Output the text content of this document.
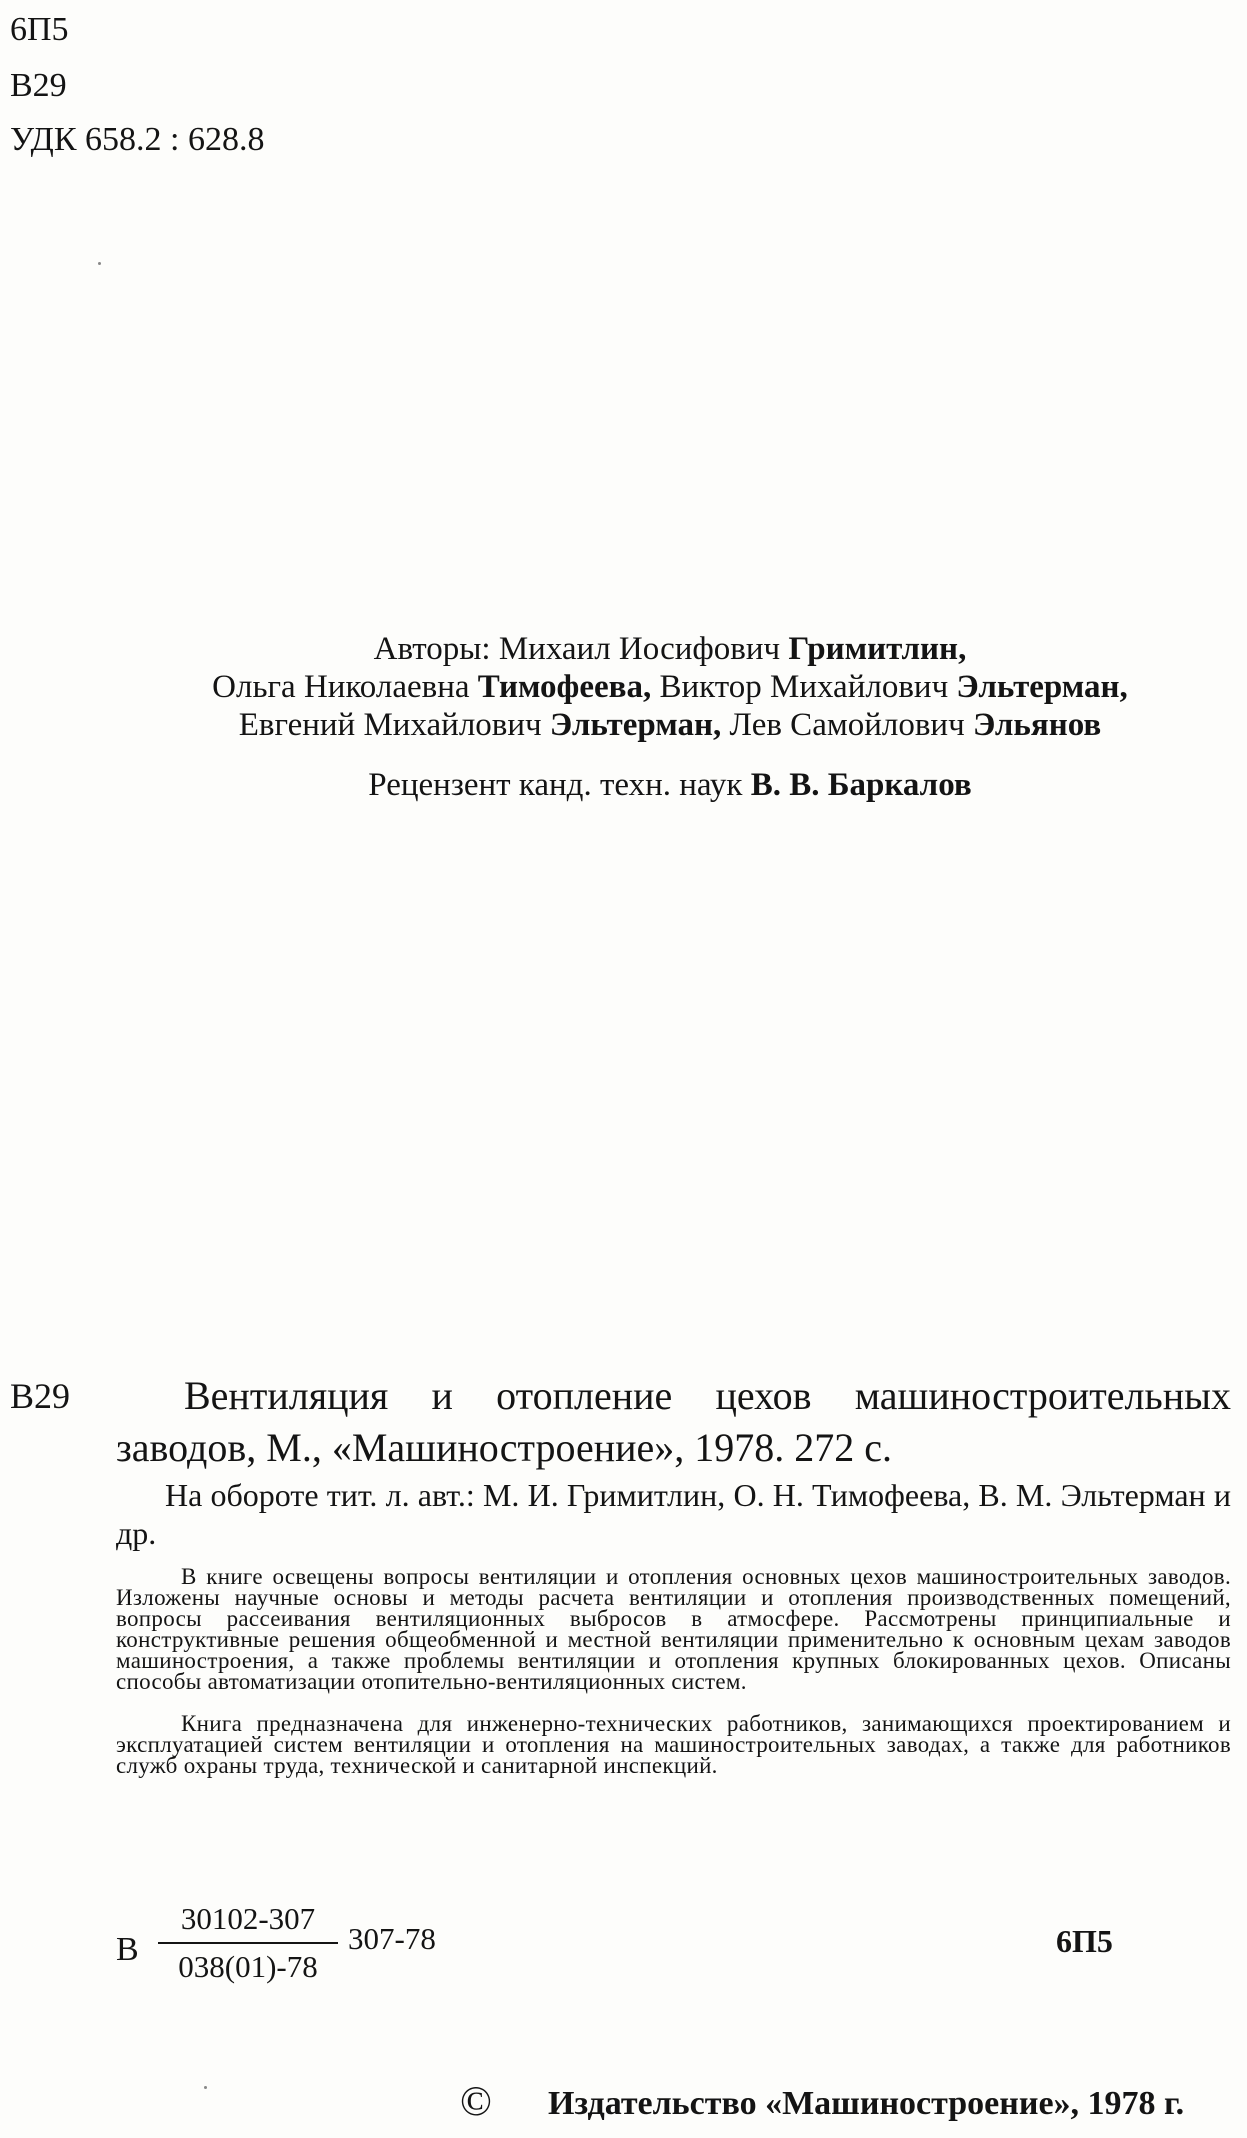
6П5
В29
УДК 658.2 : 628.8
Авторы: Михаил Иосифович Гримитлин,
Ольга Николаевна Тимофеева, Виктор Михайлович Эльтерман,
Евгений Михайлович Эльтерман, Лев Самойлович Эльянов
Рецензент канд. техн. наук В. В. Баркалов
В29	Вентиляция и отопление цехов машиностроительных заводов, М., «Машиностроение», 1978. 272 с.

На обороте тит. л. авт.: М. И. Гримитлин, О. Н. Тимофеева, В. М. Эльтерман и др.

В книге освещены вопросы вентиляции и отопления основных цехов машиностроительных заводов. Изложены научные основы и методы расчета вентиляции и отопления производственных помещений, вопросы рассеивания вентиляционных выбросов в атмосфере. Рассмотрены принципиальные и конструктивные решения общеобменной и местной вентиляции применительно к основным цехам заводов машиностроения, а также проблемы вентиляции и отопления крупных блокированных цехов. Описаны способы автоматизации отопительно-вентиляционных систем.

Книга предназначена для инженерно-технических работников, занимающихся проектированием и эксплуатацией систем вентиляции и отопления на машиностроительных заводах, а также для работников служб охраны труда, технической и санитарной инспекций.

В $\frac{30102-307}{038(01)-78} 307-78$	6П5
© Издательство «Машиностроение», 1978 г.
